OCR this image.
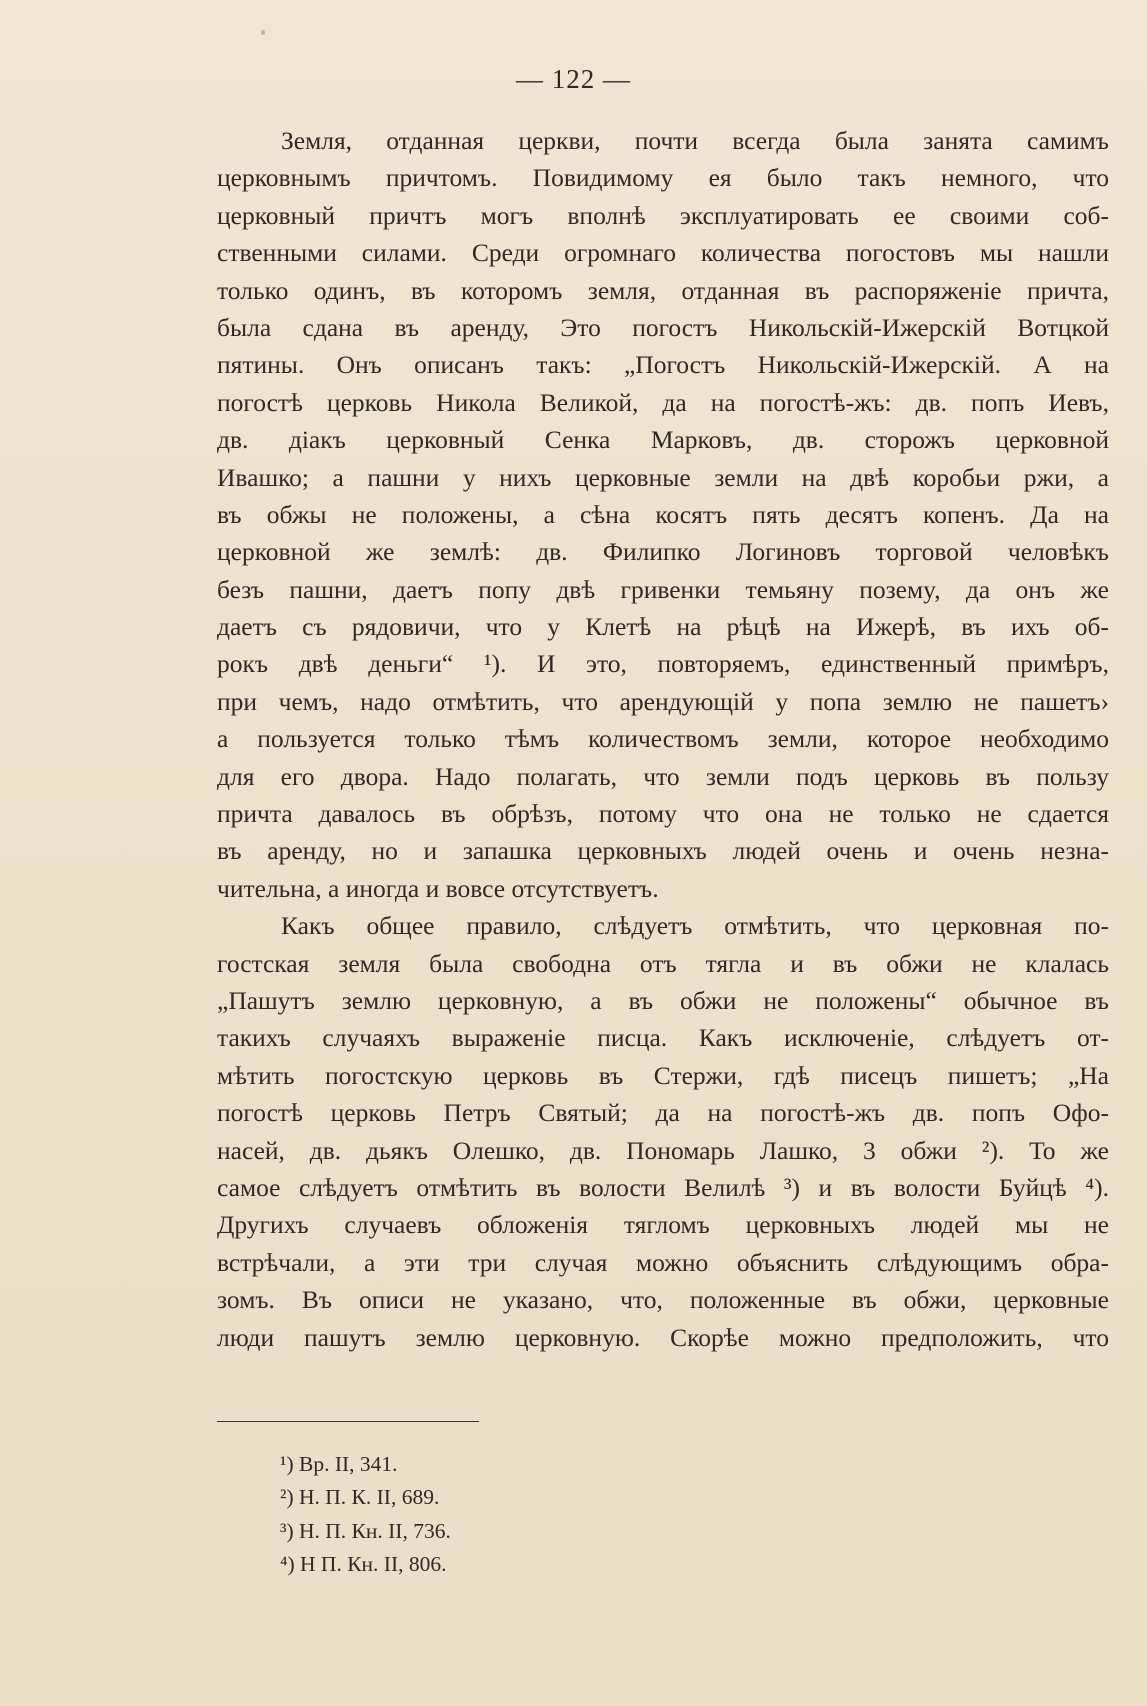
— 122 —
Земля, отданная церкви, почти всегда была занята самимъ
церковнымъ причтомъ. Повидимому ея было такъ немного, что
церковный причтъ могъ вполнѣ эксплуатировать ее своими соб-
ственными силами. Среди огромнаго количества погостовъ мы нашли
только одинъ, въ которомъ земля, отданная въ распоряженіе причта,
была сдана въ аренду, Это погостъ Никольскій-Ижерскій Вотцкой
пятины. Онъ описанъ такъ: „Погостъ Никольскій-Ижерскій. А на
погостѣ церковь Никола Великой, да на погостѣ-жъ: дв. попъ Иевъ,
дв. діакъ церковный Сенка Марковъ, дв. сторожъ церковной
Ивашко; а пашни у нихъ церковные земли на двѣ коробьи ржи, а
въ обжы не положены, а сѣна косятъ пять десятъ копенъ. Да на
церковной же землѣ: дв. Филипко Логиновъ торговой человѣкъ
безъ пашни, даетъ попу двѣ гривенки темьяну поземy, да онъ же
даетъ съ рядовичи, что у Клетѣ на рѣцѣ на Ижерѣ, въ ихъ об-
рокъ двѣ деньги“ ¹). И это, повторяемъ, единственный примѣръ,
при чемъ, надо отмѣтить, что арендующій у попа землю не пашетъ›
а пользуется только тѣмъ количествомъ земли, которое необходимо
для его двора. Надо полагать, что земли подъ церковь въ пользу
причта давалось въ обрѣзъ, потому что она не только не сдается
въ аренду, но и запашка церковныхъ людей очень и очень незна-
чительна, а иногда и вовсе отсутствуетъ.
Какъ общее правило, слѣдуетъ отмѣтить, что церковная по-
гостская земля была свободна отъ тягла и въ обжи не клалась
„Пашутъ землю церковную, а въ обжи не положены“ обычное въ
такихъ случаяхъ выраженіе писца. Какъ исключеніе, слѣдуетъ от-
мѣтить погостскую церковь въ Стержи, гдѣ писецъ пишетъ; „На
погостѣ церковь Петръ Святый; да на погостѣ-жъ дв. попъ Офо-
насей, дв. дьякъ Олешко, дв. Пономарь Лашко, 3 обжи ²). То же
самое слѣдуетъ отмѣтить въ волости Велилѣ ³) и въ волости Буйцѣ ⁴).
Другихъ случаевъ обложенія тягломъ церковныхъ людей мы не
встрѣчали, а эти три случая можно объяснить слѣдующимъ обра-
зомъ. Въ описи не указано, что, положенные въ обжи, церковные
люди пашутъ землю церковную. Скорѣе можно предположить, что
¹) Вр. II, 341.
²) Н. П. К. II, 689.
³) Н. П. Кн. II, 736.
⁴) Н П. Кн. II, 806.
